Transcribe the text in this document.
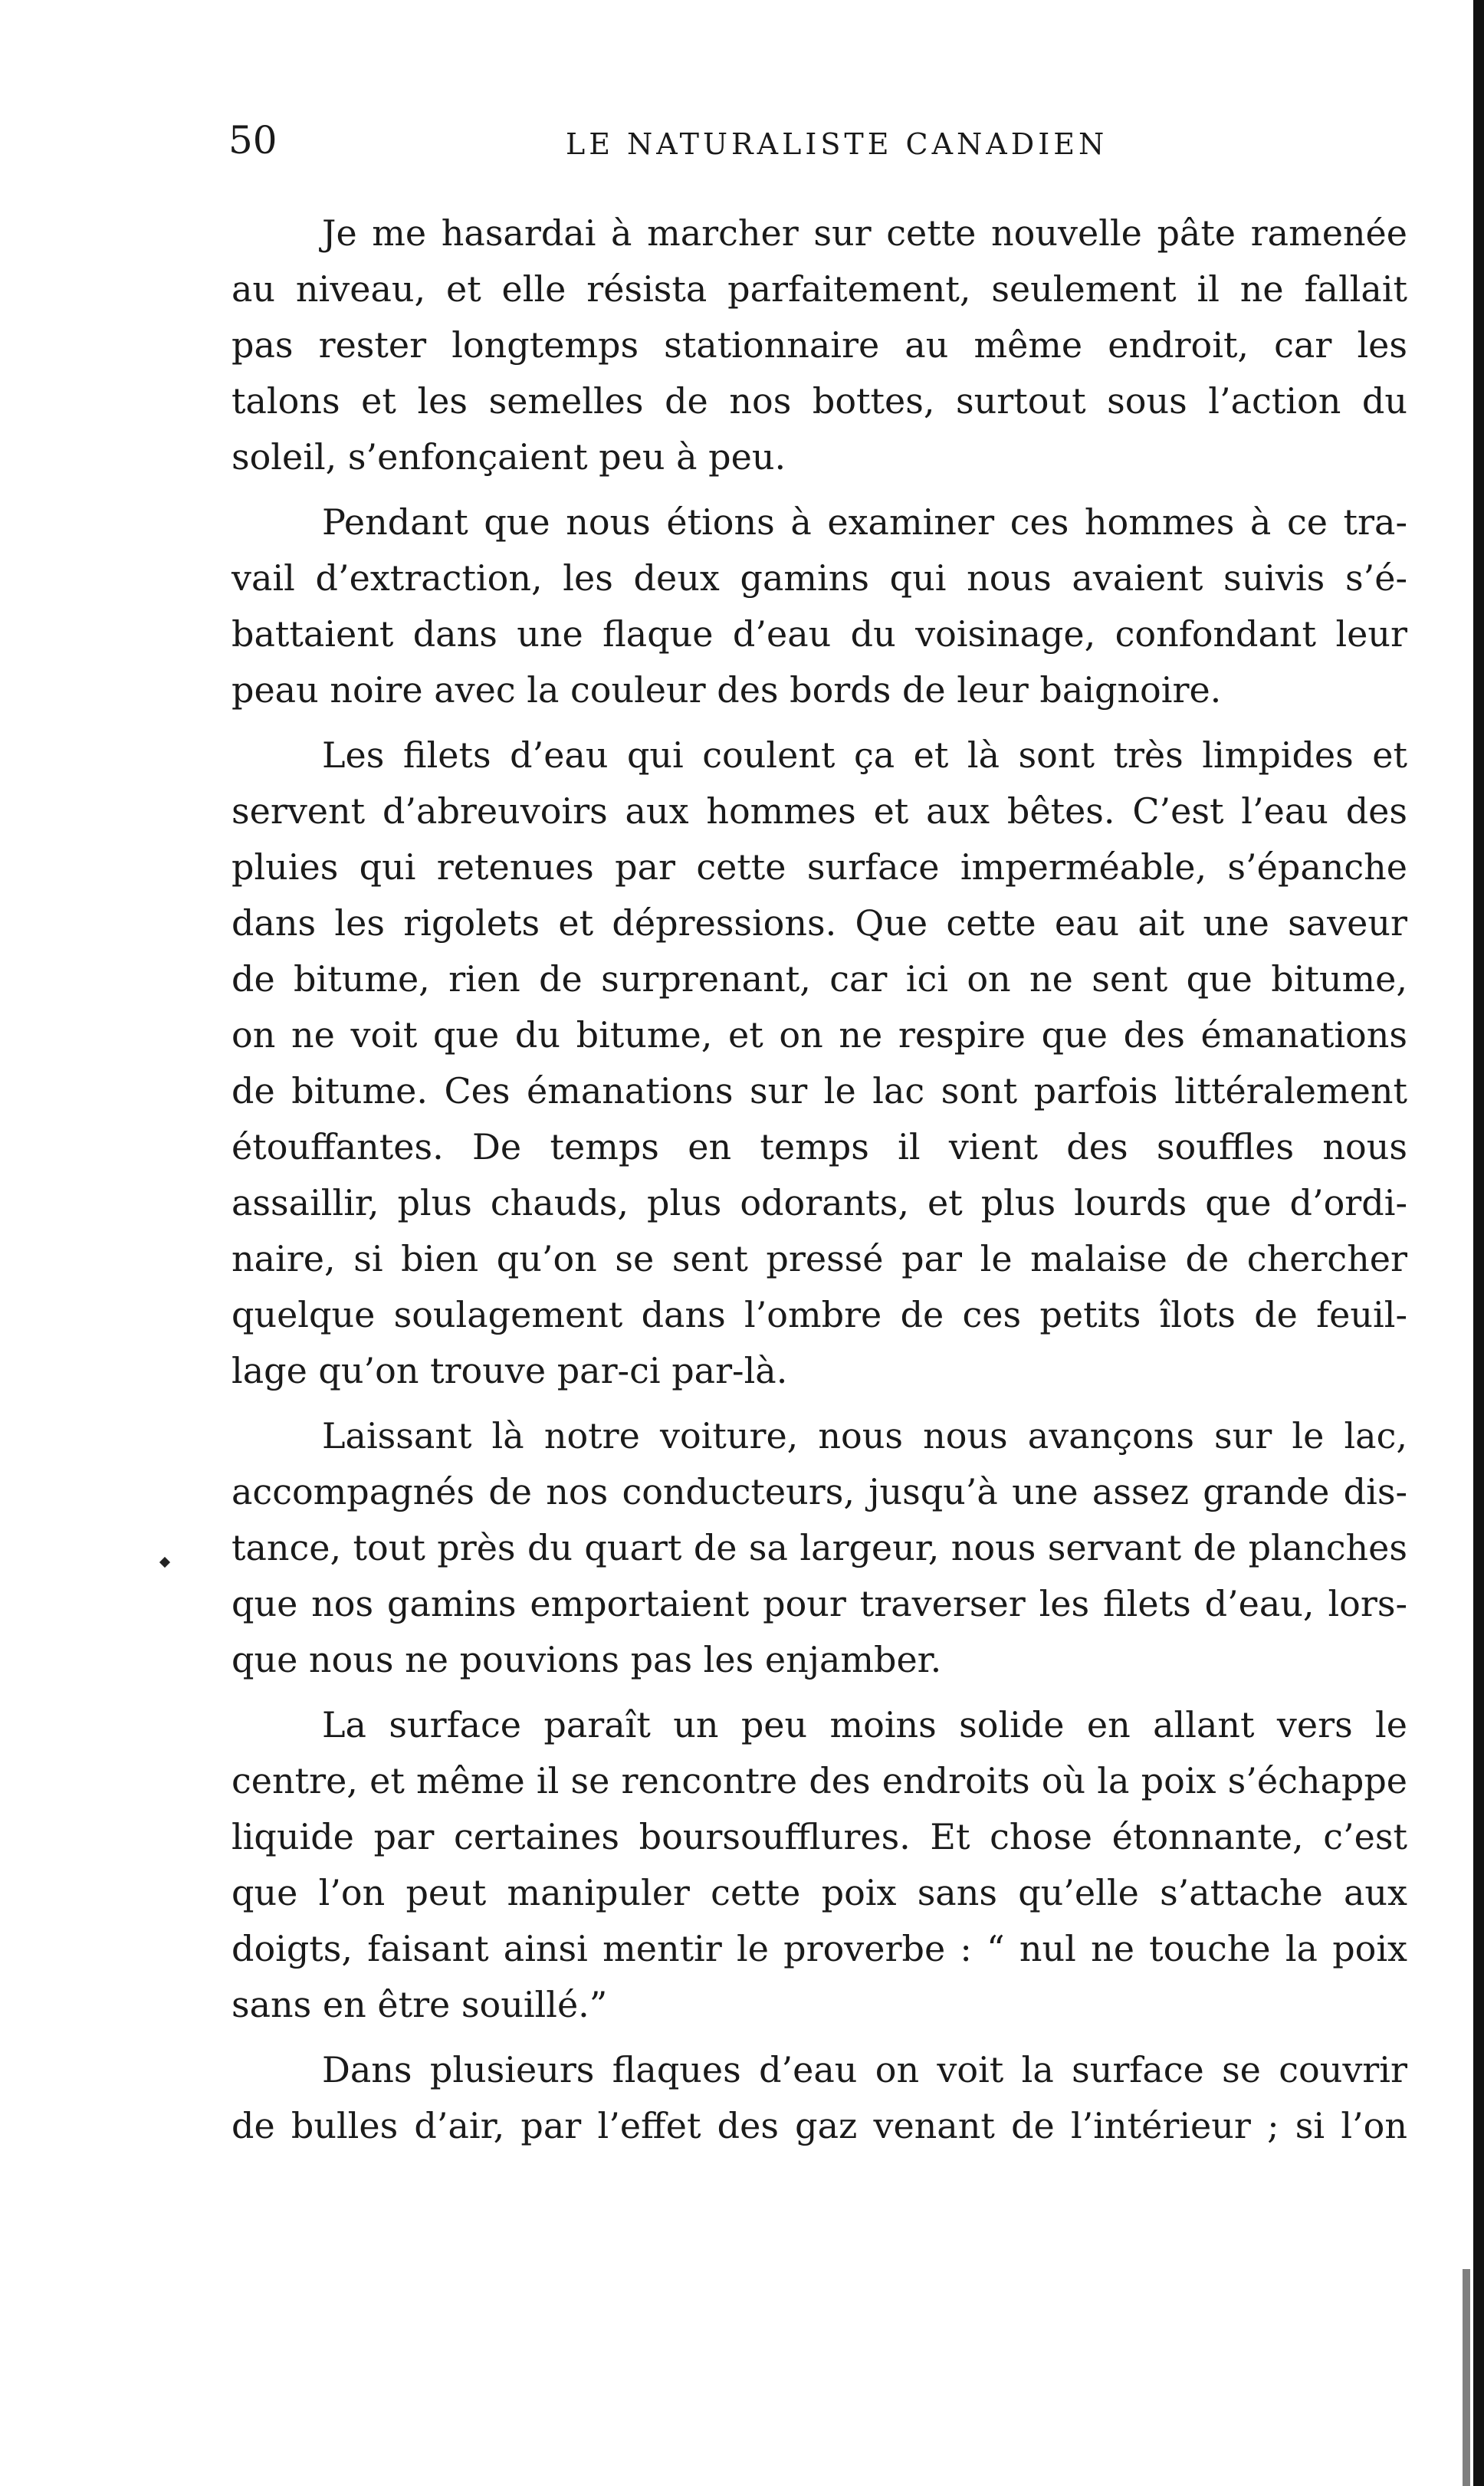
50	LE NATURALISTE CANADIEN
Je me hasardai à marcher sur cette nouvelle pâte ramenée
au niveau, et elle résista parfaitement, seulement il ne fallait
pas rester longtemps stationnaire au même endroit, car les
talons et les semelles de nos bottes, surtout sous l’action du
soleil, s’enfonçaient peu à peu.
Pendant que nous étions à examiner ces hommes à ce tra-
vail d’extraction, les deux gamins qui nous avaient suivis s’é-
battaient dans une flaque d’eau du voisinage, confondant leur
peau noire avec la couleur des bords de leur baignoire.
Les filets d’eau qui coulent ça et là sont très limpides et
servent d’abreuvoirs aux hommes et aux bêtes. C’est l’eau des
pluies qui retenues par cette surface imperméable, s’épanche
dans les rigolets et dépressions. Que cette eau ait une saveur
de bitume, rien de surprenant, car ici on ne sent que bitume,
on ne voit que du bitume, et on ne respire que des émanations
de bitume. Ces émanations sur le lac sont parfois littéralement
étouffantes. De temps en temps il vient des souffles nous
assaillir, plus chauds, plus odorants, et plus lourds que d’ordi-
naire, si bien qu’on se sent pressé par le malaise de chercher
quelque soulagement dans l’ombre de ces petits îlots de feuil-
lage qu’on trouve par-ci par-là.
Laissant là notre voiture, nous nous avançons sur le lac,
accompagnés de nos conducteurs, jusqu’à une assez grande dis-
tance, tout près du quart de sa largeur, nous servant de planches
que nos gamins emportaient pour traverser les filets d’eau, lors-
que nous ne pouvions pas les enjamber.
La surface paraît un peu moins solide en allant vers le
centre, et même il se rencontre des endroits où la poix s’échappe
liquide par certaines boursoufflures. Et chose étonnante, c’est
que l’on peut manipuler cette poix sans qu’elle s’attache aux
doigts, faisant ainsi mentir le proverbe : “ nul ne touche la poix
sans en être souillé.”
Dans plusieurs flaques d’eau on voit la surface se couvrir
de bulles d’air, par l’effet des gaz venant de l’intérieur ; si l’on
